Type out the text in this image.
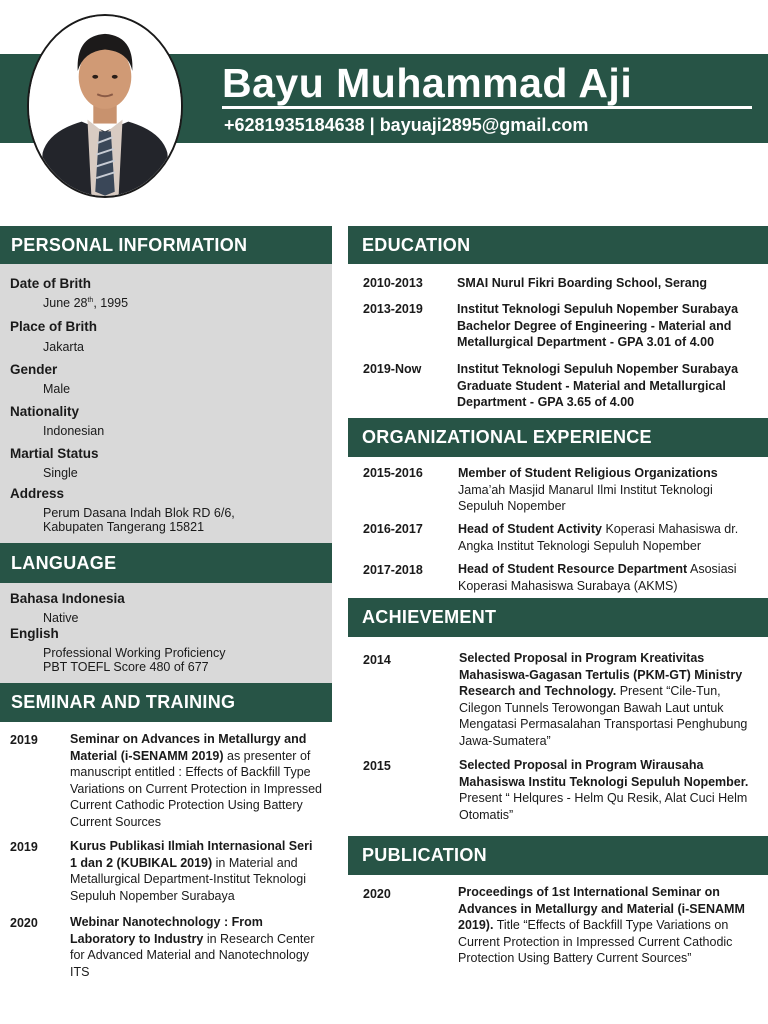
Bayu Muhammad Aji
+6281935184638 | bayuaji2895@gmail.com
PERSONAL INFORMATION
Date of Brith
June 28th, 1995
Place of Brith
Jakarta
Gender
Male
Nationality
Indonesian
Martial Status
Single
Address
Perum Dasana Indah Blok RD 6/6,
Kabupaten Tangerang 15821
LANGUAGE
Bahasa Indonesia
Native
English
Professional Working Proficiency
PBT TOEFL Score 480 of 677
SEMINAR AND TRAINING
2019	Seminar on Advances in Metallurgy and Material (i-SENAMM 2019) as presenter of manuscript entitled : Effects of Backfill Type Variations on Current Protection in Impressed Current Cathodic Protection Using Battery Current Sources
2019	Kurus Publikasi Ilmiah Internasional Seri 1 dan 2 (KUBIKAL 2019) in Material and Metallurgical Department-Institut Teknologi Sepuluh Nopember Surabaya
2020	Webinar Nanotechnology : From Laboratory to Industry in Research Center for Advanced Material and Nanotechnology ITS
EDUCATION
2010-2013	SMAI Nurul Fikri Boarding School, Serang
2013-2019	Institut Teknologi Sepuluh Nopember Surabaya Bachelor Degree of Engineering - Material and Metallurgical Department - GPA 3.01 of 4.00
2019-Now	Institut Teknologi Sepuluh Nopember Surabaya Graduate Student - Material and Metallurgical Department - GPA 3.65 of 4.00
ORGANIZATIONAL EXPERIENCE
2015-2016	Member of Student Religious Organizations Jama’ah Masjid Manarul Ilmi Institut Teknologi Sepuluh Nopember
2016-2017	Head of Student Activity Koperasi Mahasiswa dr. Angka Institut Teknologi Sepuluh Nopember
2017-2018	Head of Student Resource Department Asosiasi Koperasi Mahasiswa Surabaya (AKMS)
ACHIEVEMENT
2014	Selected Proposal in Program Kreativitas Mahasiswa-Gagasan Tertulis (PKM-GT) Ministry Research and Technology. Present “Cile-Tun, Cilegon Tunnels Terowongan Bawah Laut untuk Mengatasi Permasalahan Transportasi Penghubung Jawa-Sumatera”
2015	Selected Proposal in Program Wirausaha Mahasiswa Institu Teknologi Sepuluh Nopember. Present “ Helqures - Helm Qu Resik, Alat Cuci Helm Otomatis”
PUBLICATION
2020	Proceedings of 1st International Seminar on Advances in Metallurgy and Material (i-SENAMM 2019). Title “Effects of Backfill Type Variations on Current Protection in Impressed Current Cathodic Protection Using Battery Current Sources”
